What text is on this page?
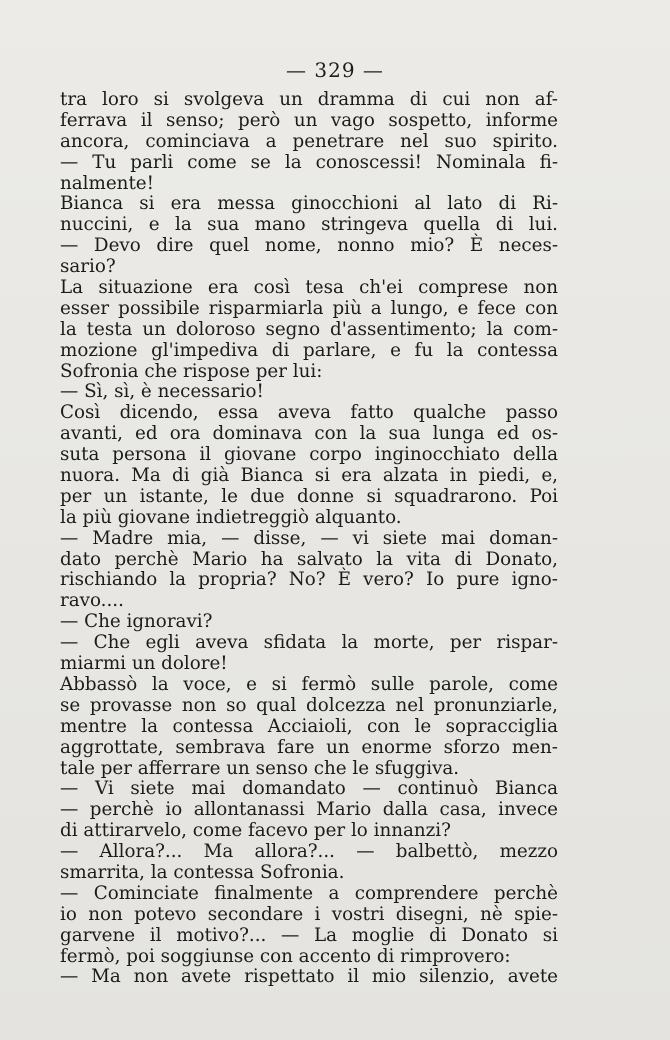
— 329 —
tra loro si svolgeva un dramma di cui non af-
ferrava il senso; però un vago sospetto, informe
ancora, cominciava a penetrare nel suo spirito.
— Tu parli come se la conoscessi! Nominala fi-
nalmente!
Bianca si era messa ginocchioni al lato di Ri-
nuccini, e la sua mano stringeva quella di lui.
— Devo dire quel nome, nonno mio? È neces-
sario?
La situazione era così tesa ch'ei comprese non
esser possibile risparmiarla più a lungo, e fece con
la testa un doloroso segno d'assentimento; la com-
mozione gl'impediva di parlare, e fu la contessa
Sofronia che rispose per lui:
— Sì, sì, è necessario!
Così dicendo, essa aveva fatto qualche passo
avanti, ed ora dominava con la sua lunga ed os-
suta persona il giovane corpo inginocchiato della
nuora. Ma di già Bianca si era alzata in piedi, e,
per un istante, le due donne si squadrarono. Poi
la più giovane indietreggiò alquanto.
— Madre mia, — disse, — vi siete mai doman-
dato perchè Mario ha salvato la vita di Donato,
rischiando la propria? No? È vero? Io pure igno-
ravo....
— Che ignoravi?
— Che egli aveva sfidata la morte, per rispar-
miarmi un dolore!
Abbassò la voce, e si fermò sulle parole, come
se provasse non so qual dolcezza nel pronunziarle,
mentre la contessa Acciaioli, con le sopracciglia
aggrottate, sembrava fare un enorme sforzo men-
tale per afferrare un senso che le sfuggiva.
— Vi siete mai domandato — continuò Bianca
— perchè io allontanassi Mario dalla casa, invece
di attirarvelo, come facevo per lo innanzi?
— Allora?... Ma allora?... — balbettò, mezzo
smarrita, la contessa Sofronia.
— Cominciate finalmente a comprendere perchè
io non potevo secondare i vostri disegni, nè spie-
garvene il motivo?... — La moglie di Donato si
fermò, poi soggiunse con accento di rimprovero:
— Ma non avete rispettato il mio silenzio, avete
